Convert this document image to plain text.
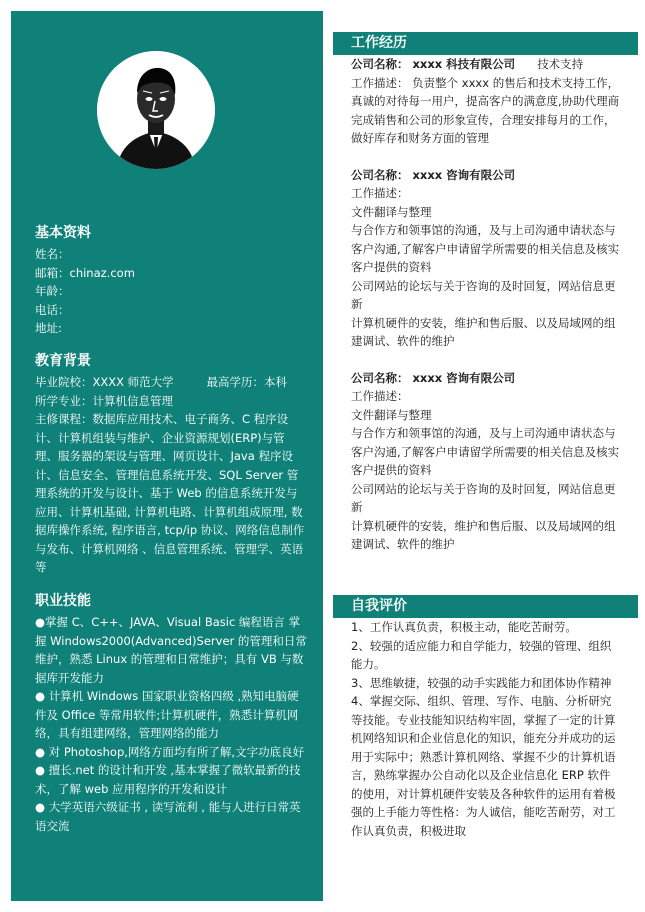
基本资料
姓名：
邮箱：chinaz.com
年龄：
电话：
地址:
教育背景
毕业院校：XXXX 师范大学	最高学历：本科
所学专业：计算机信息管理
主修课程：数据库应用技术、电子商务、C 程序设计、计算机组装与维护、企业资源规划(ERP)与管理、服务器的架设与管理、网页设计、Java 程序设计、信息安全、管理信息系统开发、SQL Server 管理系统的开发与设计、基于 Web 的信息系统开发与应用、计算机基础, 计算机电路、计算机组成原理, 数据库操作系统, 程序语言, tcp/ip 协议、网络信息制作与发布、计算机网络 、信息管理系统、管理学、英语等
职业技能
●掌握 C、C++、JAVA、Visual Basic 编程语言 掌握 Windows2000(Advanced)Server 的管理和日常维护，熟悉 Linux 的管理和日常维护；具有 VB 与数据库开发能力
● 计算机 Windows 国家职业资格四级 ,熟知电脑硬件及 Office 等常用软件;计算机硬件，熟悉计算机网络，具有组建网络，管理网络的能力
● 对 Photoshop,网络方面均有所了解,文字功底良好
● 擅长.net 的设计和开发 ,基本掌握了微软最新的技术，了解 web 应用程序的开发和设计
● 大学英语六级证书 , 读写流利 , 能与人进行日常英语交流
工作经历
公司名称： xxxx 科技有限公司 技术支持
工作描述： 负责整个 xxxx 的售后和技术支持工作，真诚的对待每一用户，提高客户的满意度,协助代理商完成销售和公司的形象宣传，合理安排每月的工作，做好库存和财务方面的管理
公司名称： xxxx 咨询有限公司
工作描述：
文件翻译与整理
与合作方和领事馆的沟通，及与上司沟通申请状态与客户沟通,了解客户申请留学所需要的相关信息及核实客户提供的资料
公司网站的论坛与关于咨询的及时回复，网站信息更新
计算机硬件的安装，维护和售后服、以及局域网的组建调试、软件的维护
公司名称： xxxx 咨询有限公司
工作描述：
文件翻译与整理
与合作方和领事馆的沟通，及与上司沟通申请状态与客户沟通,了解客户申请留学所需要的相关信息及核实客户提供的资料
公司网站的论坛与关于咨询的及时回复，网站信息更新
计算机硬件的安装，维护和售后服、以及局域网的组建调试、软件的维护
自我评价
1、工作认真负责，积极主动，能吃苦耐劳。
2、较强的适应能力和自学能力，较强的管理、组织能力。
3、思维敏捷，较强的动手实践能力和团体协作精神
4、掌握交际、组织、管理、写作、电脑、分析研究等技能。专业技能知识结构牢固，掌握了一定的计算机网络知识和企业信息化的知识，能充分并成功的运用于实际中；熟悉计算机网络、掌握不少的计算机语言，熟练掌握办公自动化以及企业信息化 ERP 软件的使用，对计算机硬件安装及各种软件的运用有着极强的上手能力等性格：为人诚信，能吃苦耐劳，对工作认真负责，积极进取
